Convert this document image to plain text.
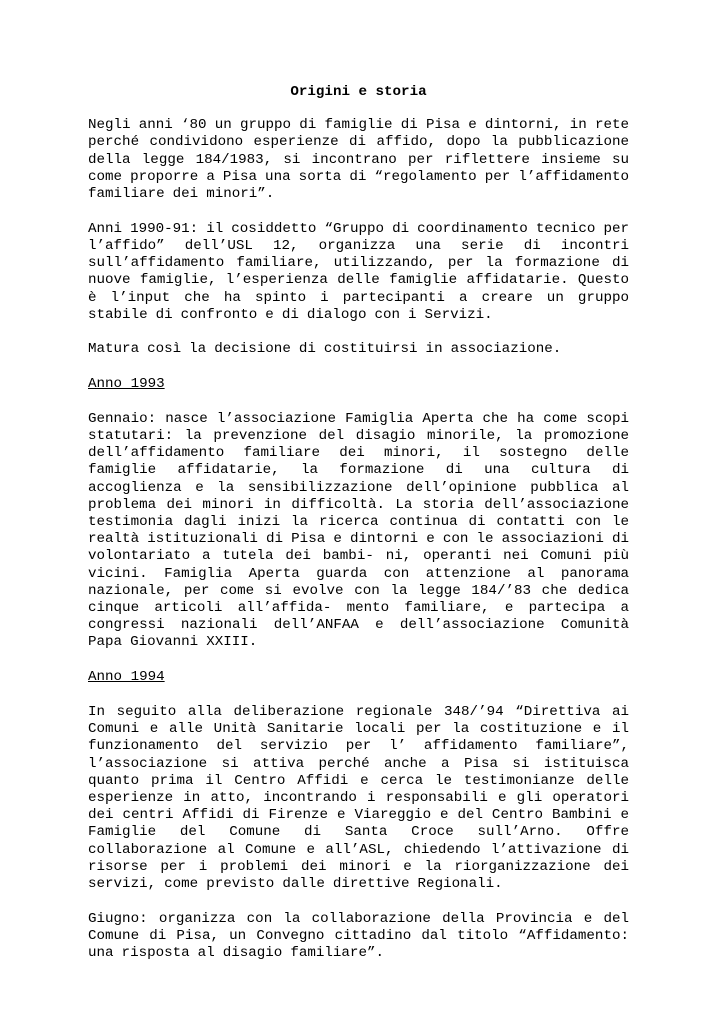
Origini e storia

Negli anni ‘80 un gruppo di famiglie di Pisa e dintorni, in rete perché condividono esperienze di affido, dopo la pubblicazione della legge 184/1983, si incontrano per riflettere insieme su come proporre a Pisa una sorta di “regolamento per l’affidamento familiare dei minori”.

Anni 1990-91: il cosiddetto “Gruppo di coordinamento tecnico per l’affido” dell’USL 12, organizza una serie di incontri sull’affidamento familiare, utilizzando, per la formazione di nuove famiglie, l’esperienza delle famiglie affidatarie. Questo è l’input che ha spinto i partecipanti a creare un gruppo stabile di confronto e di dialogo con i Servizi.

Matura così la decisione di costituirsi in associazione.

Anno 1993

Gennaio: nasce l’associazione Famiglia Aperta che ha come scopi statutari: la prevenzione del disagio minorile, la promozione dell’affidamento familiare dei minori, il sostegno delle famiglie affidatarie, la formazione di una cultura di accoglienza e la sensibilizzazione dell’opinione pubblica al problema dei minori in difficoltà. La storia dell’associazione testimonia dagli inizi la ricerca continua di contatti con le realtà istituzionali di Pisa e dintorni e con le associazioni di volontariato a tutela dei bambi- ni, operanti nei Comuni più vicini. Famiglia Aperta guarda con attenzione al panorama nazionale, per come si evolve con la legge 184/’83 che dedica cinque articoli all’affida- mento familiare, e partecipa a congressi nazionali dell’ANFAA e dell’associazione Comunità Papa Giovanni XXIII.

Anno 1994

In seguito alla deliberazione regionale 348/’94 “Direttiva ai Comuni e alle Unità Sanitarie locali per la costituzione e il funzionamento del servizio per l’ affidamento familiare”, l’associazione si attiva perché anche a Pisa si istituisca quanto prima il Centro Affidi e cerca le testimonianze delle esperienze in atto, incontrando i responsabili e gli operatori dei centri Affidi di Firenze e Viareggio e del Centro Bambini e Famiglie del Comune di Santa Croce sull’Arno. Offre collaborazione al Comune e all’ASL, chiedendo l’attivazione di risorse per i problemi dei minori e la riorganizzazione dei servizi, come previsto dalle direttive Regionali.

Giugno: organizza con la collaborazione della Provincia e del Comune di Pisa, un Convegno cittadino dal titolo “Affidamento: una risposta al disagio familiare”.
